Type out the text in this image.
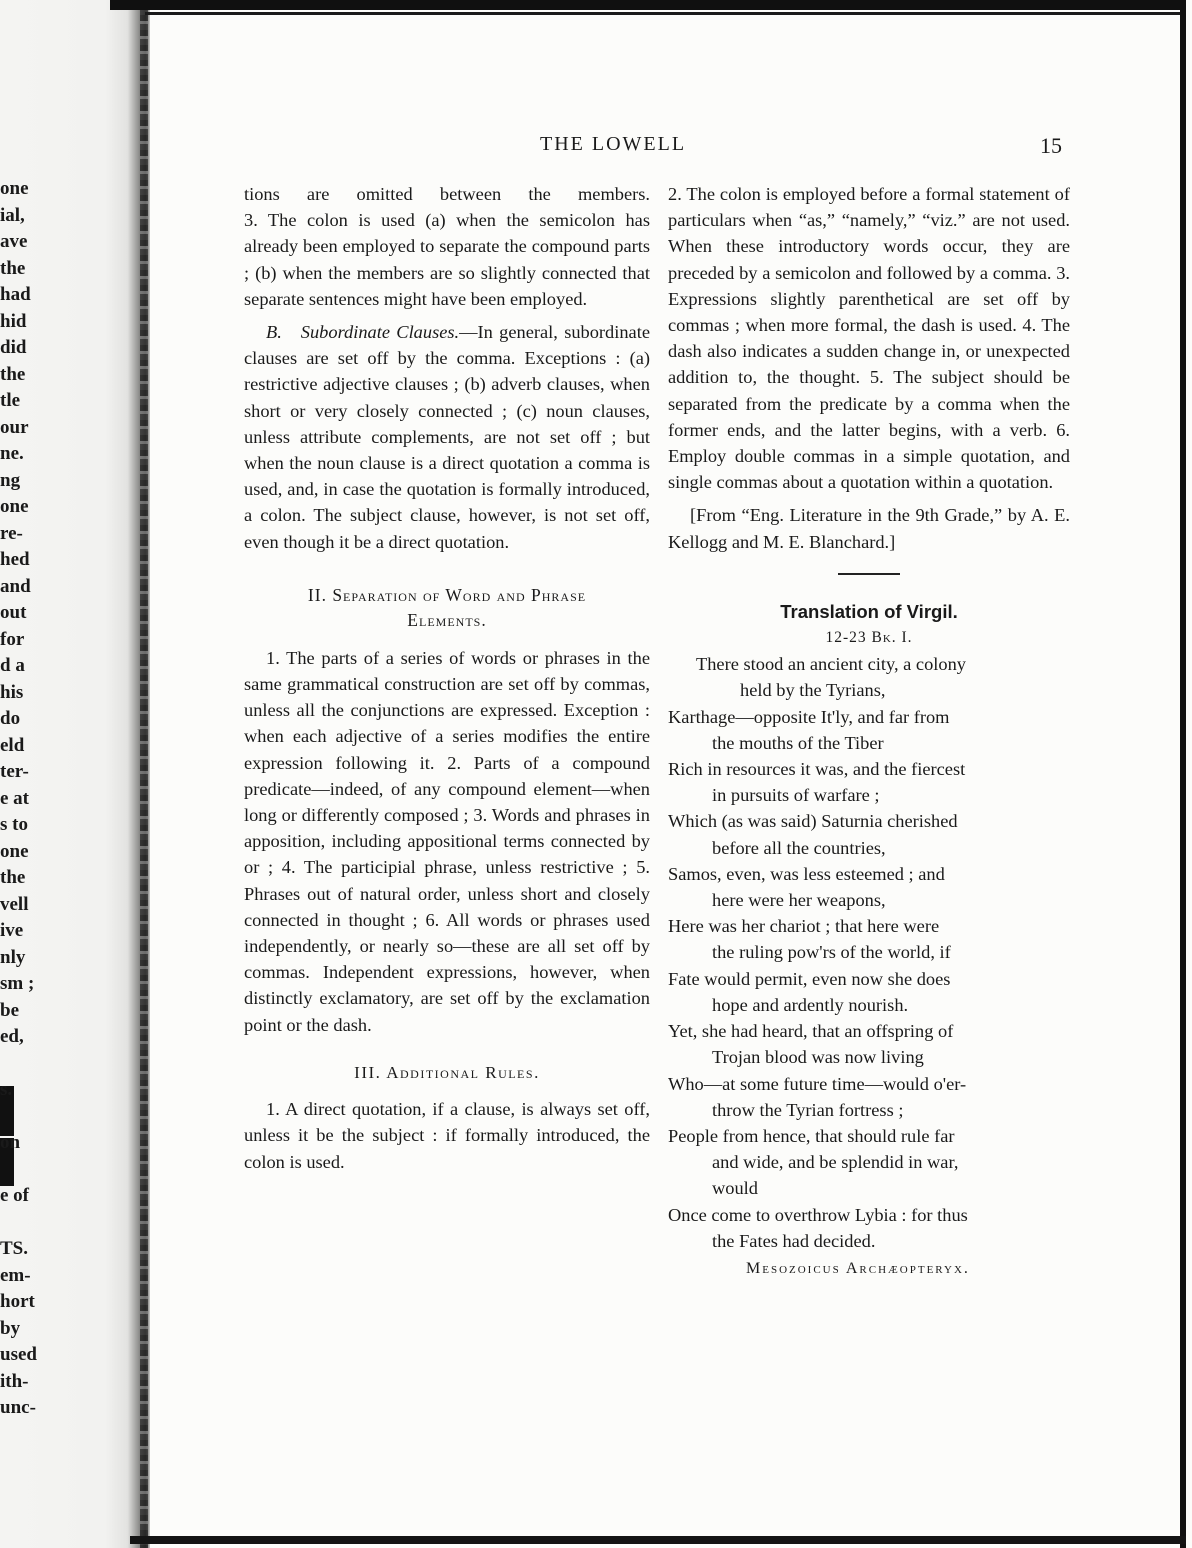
one
ial,
ave
the
had
hid
did
the
tle
our
ne.
ng
one
re-
hed
and
out
for
d a
his
do
eld
ter-
e at
s to
one
the
vell
ive
nly
sm ;
be
ed,
s.
on
e of
TS.
em-
hort
by
used
ith-
unc-
THE LOWELL	15

tions are omitted between the members.

3. The colon is used (a) when the semicolon has already been employed to separate the compound parts ; (b) when the members are so slightly connected that separate sentences might have been employed.

B. Subordinate Clauses.—In general, subordinate clauses are set off by the comma. Exceptions : (a) restrictive adjective clauses ; (b) adverb clauses, when short or very closely connected ; (c) noun clauses, unless attribute complements, are not set off ; but when the noun clause is a direct quotation a comma is used, and, in case the quotation is formally introduced, a colon. The subject clause, however, is not set off, even though it be a direct quotation.

II. Separation of Word and Phrase
Elements.

1. The parts of a series of words or phrases in the same grammatical construction are set off by commas, unless all the conjunctions are expressed. Exception : when each adjective of a series modifies the entire expression following it. 2. Parts of a compound predicate—indeed, of any compound element—when long or differently composed ; 3. Words and phrases in apposition, including appositional terms connected by or ; 4. The participial phrase, unless restrictive ; 5. Phrases out of natural order, unless short and closely connected in thought ; 6. All words or phrases used independently, or nearly so—these are all set off by commas. Independent expressions, however, when distinctly exclamatory, are set off by the exclamation point or the dash.

III. Additional Rules.

1. A direct quotation, if a clause, is always set off, unless it be the subject : if formally introduced, the colon is used.

2. The colon is employed before a formal statement of particulars when “as,” “namely,” “viz.” are not used. When these introductory words occur, they are preceded by a semicolon and followed by a comma. 3. Expressions slightly parenthetical are set off by commas ; when more formal, the dash is used. 4. The dash also indicates a sudden change in, or unexpected addition to, the thought. 5. The subject should be separated from the predicate by a comma when the former ends, and the latter begins, with a verb. 6. Employ double commas in a simple quotation, and single commas about a quotation within a quotation.

[From “Eng. Literature in the 9th Grade,” by A. E. Kellogg and M. E. Blanchard.]

Translation of Virgil.

12-23 Bk. I.

There stood an ancient city, a colony
held by the Tyrians,
Karthage—opposite It'ly, and far from
the mouths of the Tiber
Rich in resources it was, and the fiercest
in pursuits of warfare ;
Which (as was said) Saturnia cherished
before all the countries,
Samos, even, was less esteemed ; and
here were her weapons,
Here was her chariot ; that here were
the ruling pow'rs of the world, if
Fate would permit, even now she does
hope and ardently nourish.
Yet, she had heard, that an offspring of
Trojan blood was now living
Who—at some future time—would o'er-
throw the Tyrian fortress ;
People from hence, that should rule far
and wide, and be splendid in war,
would
Once come to overthrow Lybia : for thus
the Fates had decided.
Mesozoicus Archæopteryx.
